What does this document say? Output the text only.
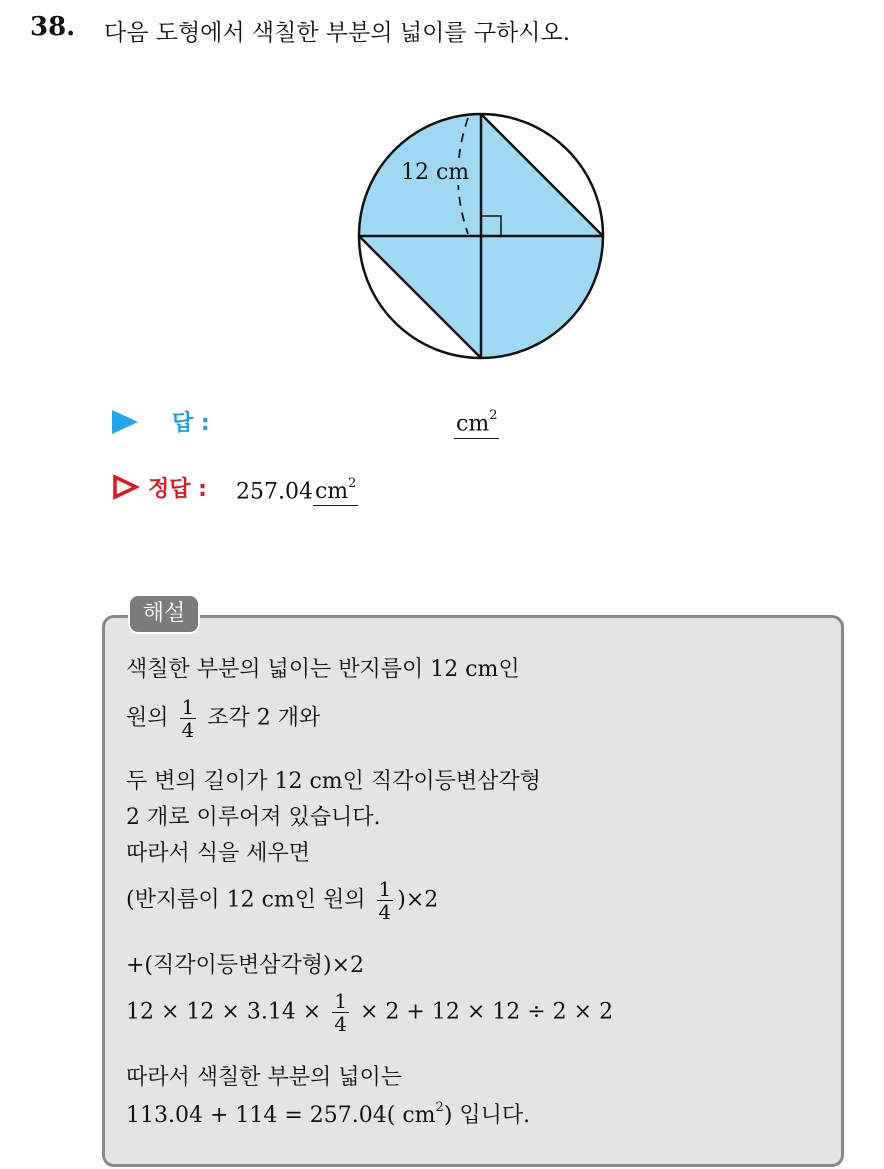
38. 다음 도형에서 색칠한 부분의 넓이를 구하시오.
12 cm
답 :	$cm^2$
정답 : $257.04cm^2$
해설
색칠한 부분의 넓이는 반지름이 12 cm인
원의 $\frac{1}{4}$ 조각 2 개와
두 변의 길이가 12 cm인 직각이등변삼각형
2 개로 이루어져 있습니다.
따라서 식을 세우면
(반지름이 12 cm인 원의 $\frac{1}{4} )\times 2$
+(직각이등변삼각형)×2
$12 \times 12 \times 3.14 \times \frac{1}{4} \times 2 + 12 \times 12 \div 2 \times 2$
따라서 색칠한 부분의 넓이는
113.04 + 114 = 257.04( $cm^2$) 입니다.
